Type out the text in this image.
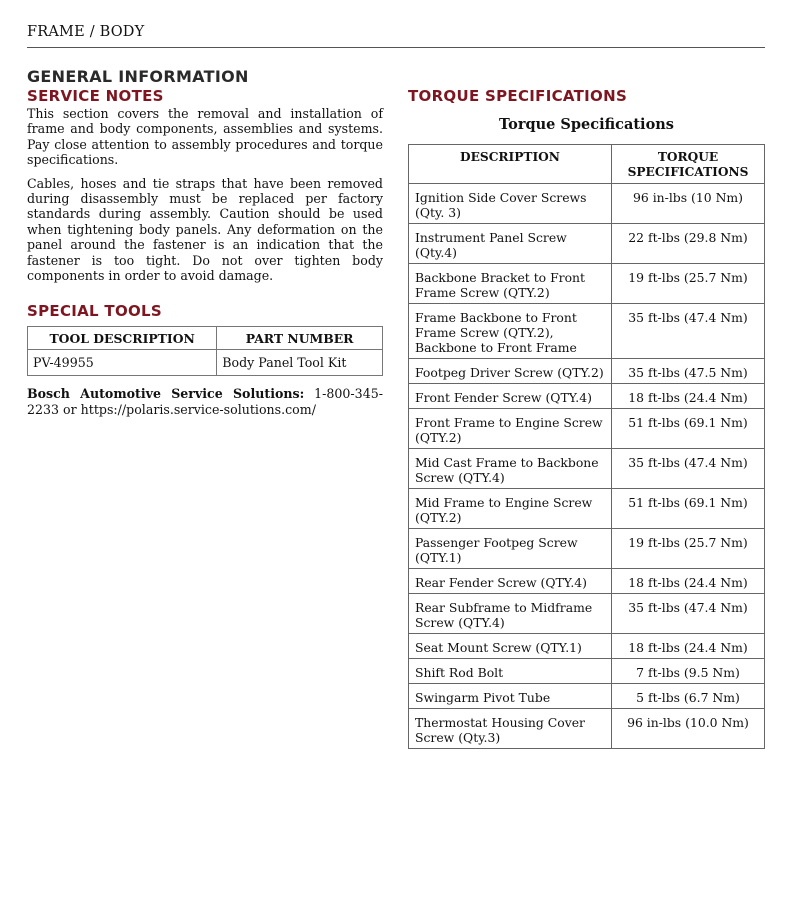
FRAME / BODY
GENERAL INFORMATION
SERVICE NOTES

This section covers the removal and installation of frame and body components, assemblies and systems. Pay close attention to assembly procedures and torque specifications.

Cables, hoses and tie straps that have been removed during disassembly must be replaced per factory standards during assembly. Caution should be used when tightening body panels. Any deformation on the panel around the fastener is an indication that the fastener is too tight. Do not over tighten body components in order to avoid damage.

SPECIAL TOOLS
TOOL DESCRIPTION	PART NUMBER
PV-49955	Body Panel Tool Kit
Bosch Automotive Service Solutions: 1-800-345-2233 or https://polaris.service-solutions.com/
TORQUE SPECIFICATIONS
Torque Specifications
DESCRIPTION	TORQUE SPECIFICATIONS
Ignition Side Cover Screws (Qty. 3)	96 in-lbs (10 Nm)
Instrument Panel Screw (Qty.4)	22 ft-lbs (29.8 Nm)
Backbone Bracket to Front Frame Screw (QTY.2)	19 ft-lbs (25.7 Nm)
Frame Backbone to Front Frame Screw (QTY.2), Backbone to Front Frame	35 ft-lbs (47.4 Nm)
Footpeg Driver Screw (QTY.2)	35 ft-lbs (47.5 Nm)
Front Fender Screw (QTY.4)	18 ft-lbs (24.4 Nm)
Front Frame to Engine Screw (QTY.2)	51 ft-lbs (69.1 Nm)
Mid Cast Frame to Backbone Screw (QTY.4)	35 ft-lbs (47.4 Nm)
Mid Frame to Engine Screw (QTY.2)	51 ft-lbs (69.1 Nm)
Passenger Footpeg Screw (QTY.1)	19 ft-lbs (25.7 Nm)
Rear Fender Screw (QTY.4)	18 ft-lbs (24.4 Nm)
Rear Subframe to Midframe Screw (QTY.4)	35 ft-lbs (47.4 Nm)
Seat Mount Screw (QTY.1)	18 ft-lbs (24.4 Nm)
Shift Rod Bolt	7 ft-lbs (9.5 Nm)
Swingarm Pivot Tube	5 ft-lbs (6.7 Nm)
Thermostat Housing Cover Screw (Qty.3)	96 in-lbs (10.0 Nm)
